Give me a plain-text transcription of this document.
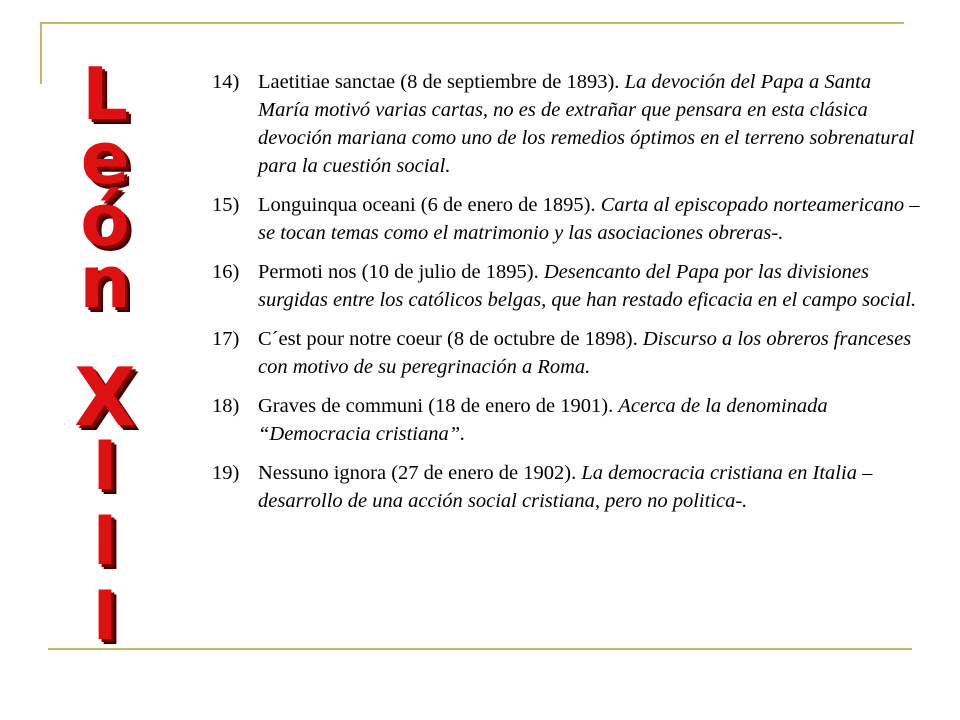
L
e
ó
n
X
I
I
I
14) Laetitiae sanctae (8 de septiembre de 1893). La devoción del Papa a Santa María motivó varias cartas, no es de extrañar que pensara en esta clásica devoción mariana como uno de los remedios óptimos en el terreno sobrenatural para la cuestión social.
15) Longuinqua oceani (6 de enero de 1895). Carta al episcopado norteamericano –se tocan temas como el matrimonio y las asociaciones obreras-.
16) Permoti nos (10 de julio de 1895). Desencanto del Papa por las divisiones surgidas entre los católicos belgas, que han restado eficacia en el campo social.
17) C´est pour notre coeur (8 de octubre de 1898). Discurso a los obreros franceses con motivo de su peregrinación a Roma.
18) Graves de communi (18 de enero de 1901). Acerca de la denominada “Democracia cristiana”.
19) Nessuno ignora (27 de enero de 1902). La democracia cristiana en Italia –desarrollo de una acción social cristiana, pero no politica-.
